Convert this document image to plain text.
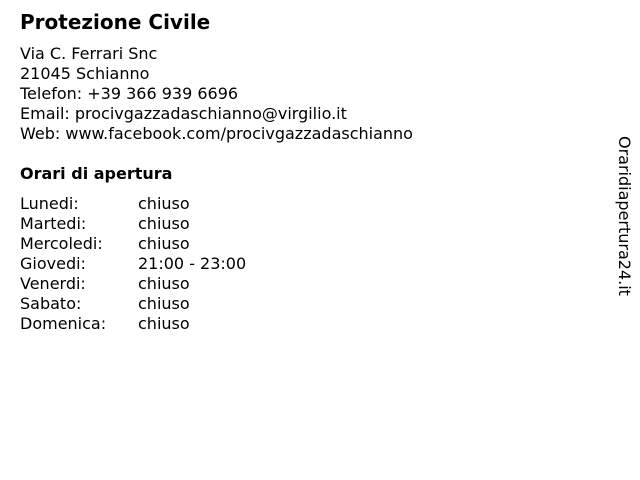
Protezione Civile
Via C. Ferrari Snc
21045 Schianno
Telefon: +39 366 939 6696
Email: procivgazzadaschianno@virgilio.it
Web: www.facebook.com/procivgazzadaschianno
Orari di apertura
Lunedi:	chiuso
Martedi:	chiuso
Mercoledi: chiuso
Giovedi:	21:00 - 23:00
Venerdi:	chiuso
Sabato:	chiuso
Domenica: chiuso
Oraridiapertura24.it
